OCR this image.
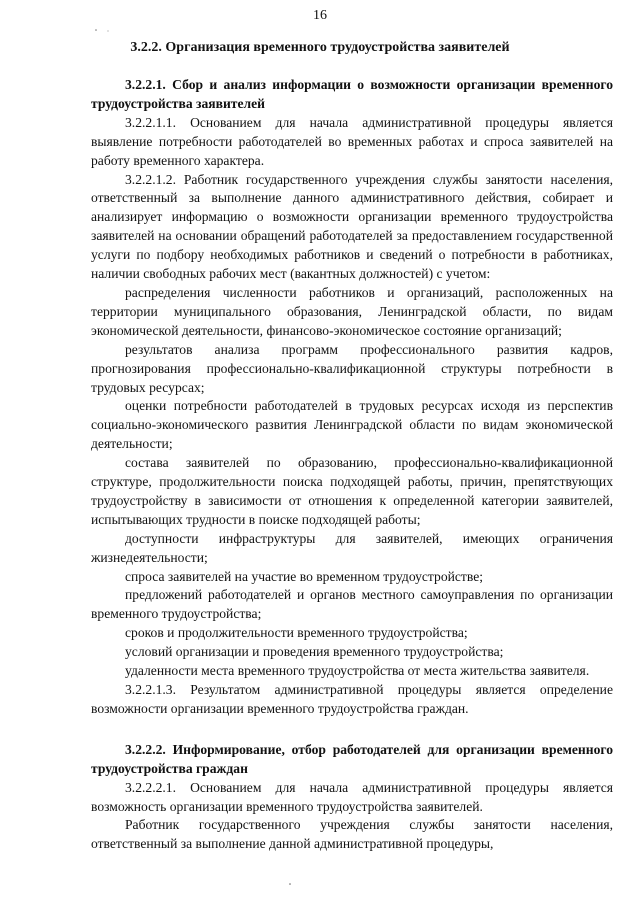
16
3.2.2. Организация временного трудоустройства заявителей

3.2.2.1. Сбор и анализ информации о возможности организации временного трудоустройства заявителей

3.2.2.1.1. Основанием для начала административной процедуры является выявление потребности работодателей во временных работах и спроса заявителей на работу временного характера.

3.2.2.1.2. Работник государственного учреждения службы занятости населения, ответственный за выполнение данного административного действия, собирает и анализирует информацию о возможности организации временного трудоустройства заявителей на основании обращений работодателей за предоставлением государственной услуги по подбору необходимых работников и сведений о потребности в работниках, наличии свободных рабочих мест (вакантных должностей) с учетом:

распределения численности работников и организаций, расположенных на территории муниципального образования, Ленинградской области, по видам экономической деятельности, финансово-экономическое состояние организаций;

результатов анализа программ профессионального развития кадров, прогнозирования профессионально-квалификационной структуры потребности в трудовых ресурсах;

оценки потребности работодателей в трудовых ресурсах исходя из перспектив социально-экономического развития Ленинградской области по видам экономической деятельности;

состава заявителей по образованию, профессионально-квалификационной структуре, продолжительности поиска подходящей работы, причин, препятствующих трудоустройству в зависимости от отношения к определенной категории заявителей, испытывающих трудности в поиске подходящей работы;

доступности инфраструктуры для заявителей, имеющих ограничения жизнедеятельности;

спроса заявителей на участие во временном трудоустройстве;

предложений работодателей и органов местного самоуправления по организации временного трудоустройства;

сроков и продолжительности временного трудоустройства;

условий организации и проведения временного трудоустройства;

удаленности места временного трудоустройства от места жительства заявителя.

3.2.2.1.3. Результатом административной процедуры является определение возможности организации временного трудоустройства граждан.

3.2.2.2. Информирование, отбор работодателей для организации временного трудоустройства граждан

3.2.2.2.1. Основанием для начала административной процедуры является возможность организации временного трудоустройства заявителей.

Работник государственного учреждения службы занятости населения, ответственный за выполнение данной административной процедуры,
